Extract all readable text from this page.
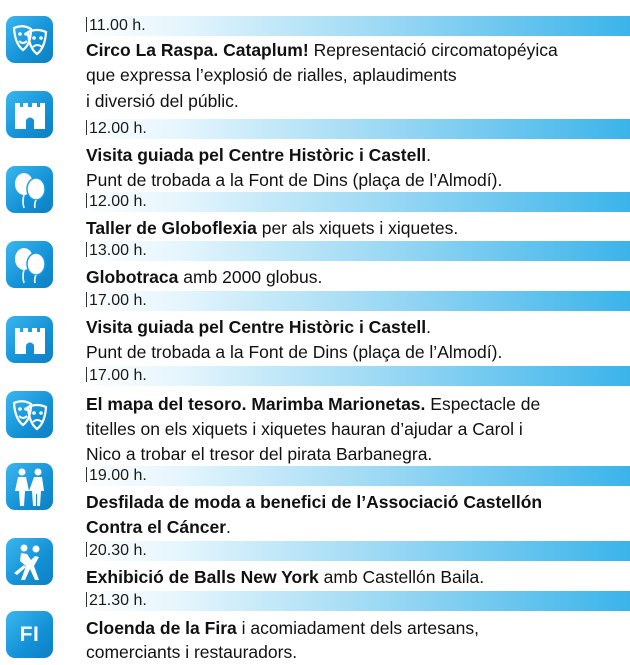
FI
11.00 h.
Circo La Raspa. Cataplum! Representació circomatopéyica
que expressa l’explosió de rialles, aplaudiments
i diversió del públic.
12.00 h.
Visita guiada pel Centre Històric i Castell.
Punt de trobada a la Font de Dins (plaça de l’Almodí).
12.00 h.
Taller de Globoflexia per als xiquets i xiquetes.
13.00 h.
Globotraca amb 2000 globus.
17.00 h.
Visita guiada pel Centre Històric i Castell.
Punt de trobada a la Font de Dins (plaça de l’Almodí).
17.00 h.
El mapa del tesoro. Marimba Marionetas. Espectacle de
titelles on els xiquets i xiquetes hauran d’ajudar a Carol i
Nico a trobar el tresor del pirata Barbanegra.
19.00 h.
Desfilada de moda a benefici de l’Associació Castellón
Contra el Cáncer.
20.30 h.
Exhibició de Balls New York amb Castellón Baila.
21.30 h.
Cloenda de la Fira i acomiadament dels artesans,
comerciants i restauradors.
